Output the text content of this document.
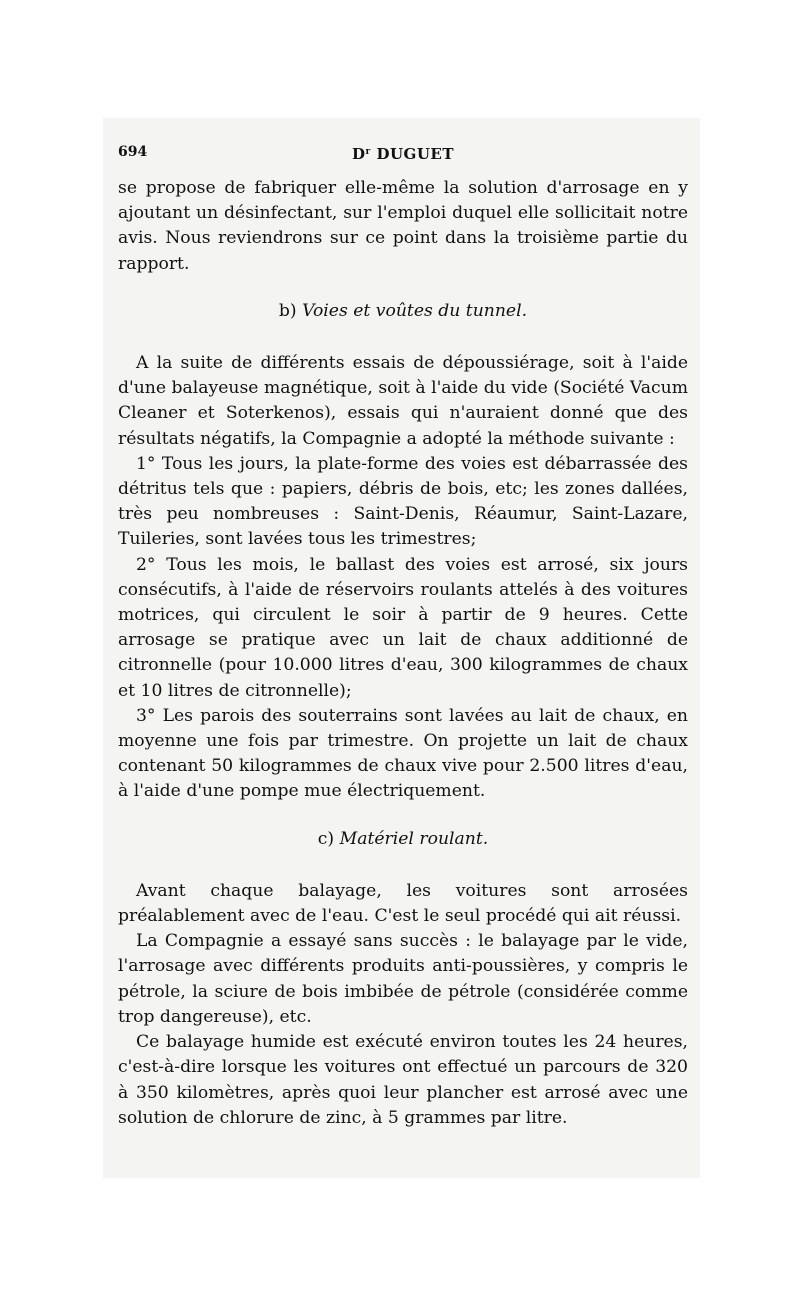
694	$D^r$ DUGUET

se propose de fabriquer elle-même la solution d'arrosage en y ajoutant un désinfectant, sur l'emploi duquel elle sollicitait notre avis. Nous reviendrons sur ce point dans la troisième partie du rapport.

b) Voies et voûtes du tunnel.

A la suite de différents essais de dépoussiérage, soit à l'aide d'une balayeuse magnétique, soit à l'aide du vide (Société Vacum Cleaner et Soterkenos), essais qui n'auraient donné que des résultats négatifs, la Compagnie a adopté la méthode suivante :

1° Tous les jours, la plate-forme des voies est débarrassée des détritus tels que : papiers, débris de bois, etc; les zones dallées, très peu nombreuses : Saint-Denis, Réaumur, Saint-Lazare, Tuileries, sont lavées tous les trimestres;

2° Tous les mois, le ballast des voies est arrosé, six jours consécutifs, à l'aide de réservoirs roulants attelés à des voitures motrices, qui circulent le soir à partir de 9 heures. Cette arrosage se pratique avec un lait de chaux additionné de citronnelle (pour 10.000 litres d'eau, 300 kilogrammes de chaux et 10 litres de citronnelle);

3° Les parois des souterrains sont lavées au lait de chaux, en moyenne une fois par trimestre. On projette un lait de chaux contenant 50 kilogrammes de chaux vive pour 2.500 litres d'eau, à l'aide d'une pompe mue électriquement.

c) Matériel roulant.

Avant chaque balayage, les voitures sont arrosées préalablement avec de l'eau. C'est le seul procédé qui ait réussi.

La Compagnie a essayé sans succès : le balayage par le vide, l'arrosage avec différents produits anti-poussières, y compris le pétrole, la sciure de bois imbibée de pétrole (considérée comme trop dangereuse), etc.

Ce balayage humide est exécuté environ toutes les 24 heures, c'est-à-dire lorsque les voitures ont effectué un parcours de 320 à 350 kilomètres, après quoi leur plancher est arrosé avec une solution de chlorure de zinc, à 5 grammes par litre.
